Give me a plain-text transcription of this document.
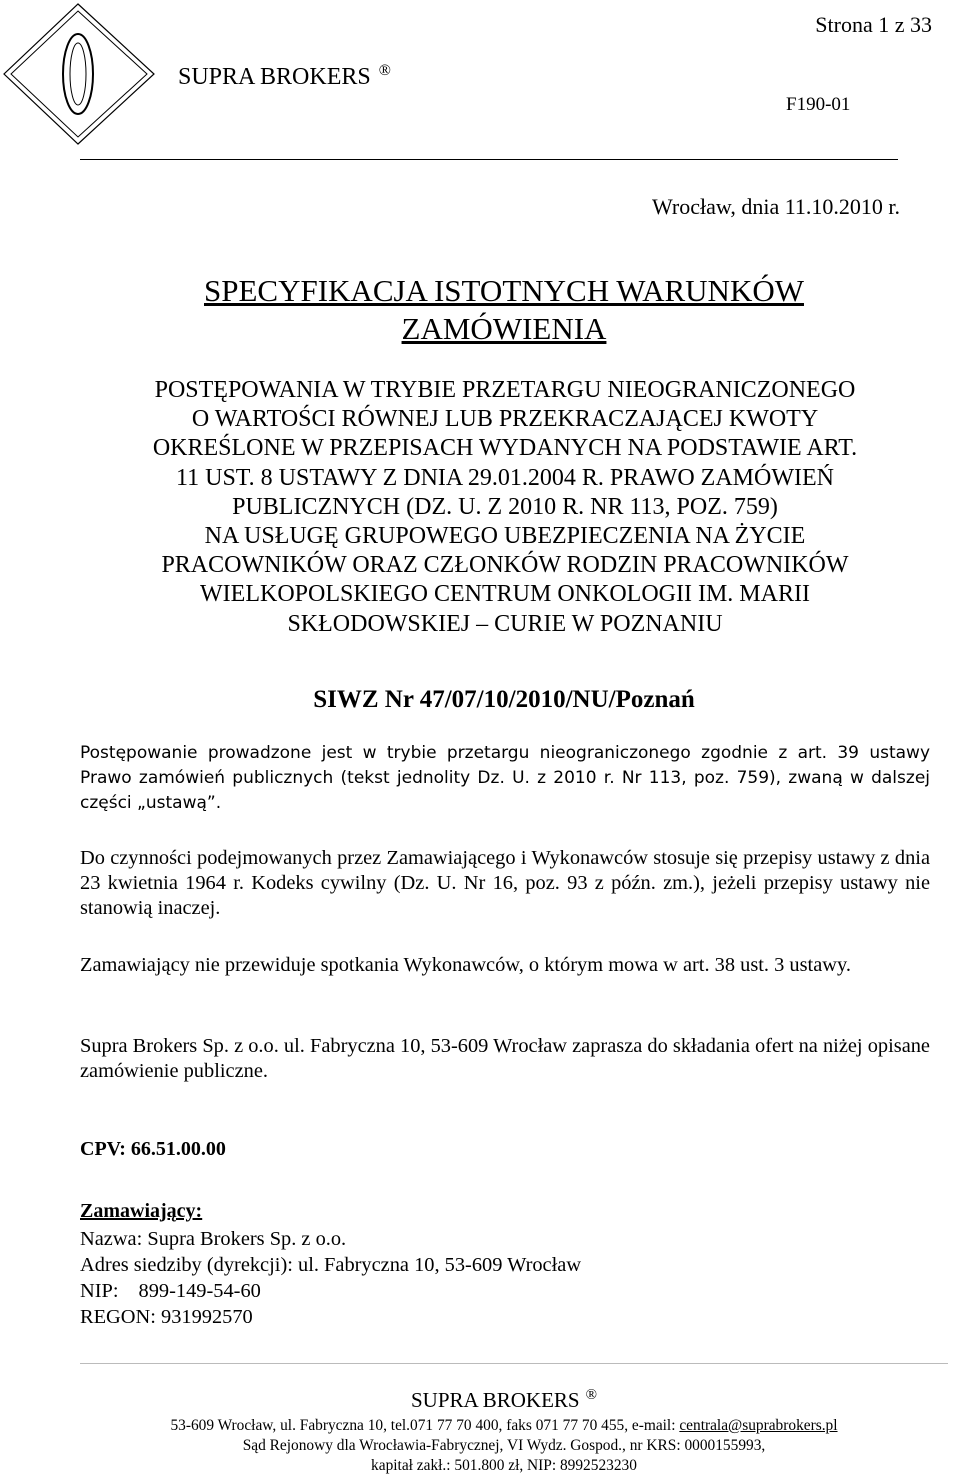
Strona 1 z 33
SUPRA BROKERS ®
F190-01
Wrocław, dnia 11.10.2010 r.
SPECYFIKACJA ISTOTNYCH WARUNKÓW
ZAMÓWIENIA
POSTĘPOWANIA W TRYBIE PRZETARGU NIEOGRANICZONEGO
O WARTOŚCI RÓWNEJ LUB PRZEKRACZAJĄCEJ KWOTY
OKREŚLONE W PRZEPISACH WYDANYCH NA PODSTAWIE ART.
11 UST. 8 USTAWY Z DNIA 29.01.2004 R. PRAWO ZAMÓWIEŃ
PUBLICZNYCH (DZ. U. Z 2010 R. NR 113, POZ. 759)
NA USŁUGĘ GRUPOWEGO UBEZPIECZENIA NA ŻYCIE
PRACOWNIKÓW ORAZ CZŁONKÓW RODZIN PRACOWNIKÓW
WIELKOPOLSKIEGO CENTRUM ONKOLOGII IM. MARII
SKŁODOWSKIEJ – CURIE W POZNANIU
SIWZ Nr 47/07/10/2010/NU/Poznań
Postępowanie prowadzone jest w trybie przetargu nieograniczonego zgodnie z art. 39 ustawy Prawo zamówień publicznych (tekst jednolity Dz. U. z 2010 r. Nr 113, poz. 759), zwaną w dalszej części „ustawą”.
Do czynności podejmowanych przez Zamawiającego i Wykonawców stosuje się przepisy ustawy z dnia 23 kwietnia 1964 r. Kodeks cywilny (Dz. U. Nr 16, poz. 93 z późn. zm.), jeżeli przepisy ustawy nie stanowią inaczej.
Zamawiający nie przewiduje spotkania Wykonawców, o którym mowa w art. 38 ust. 3 ustawy.
Supra Brokers Sp. z o.o. ul. Fabryczna 10, 53-609 Wrocław zaprasza do składania ofert na niżej opisane zamówienie publiczne.
CPV: 66.51.00.00
Zamawiający:
Nazwa: Supra Brokers Sp. z o.o.
Adres siedziby (dyrekcji): ul. Fabryczna 10, 53-609 Wrocław
NIP: 899-149-54-60
REGON: 931992570
SUPRA BROKERS ®
53-609 Wrocław, ul. Fabryczna 10, tel.071 77 70 400, faks 071 77 70 455, e-mail: centrala@suprabrokers.pl
Sąd Rejonowy dla Wrocławia-Fabrycznej, VI Wydz. Gospod., nr KRS: 0000155993,
kapitał zakł.: 501.800 zł, NIP: 8992523230
